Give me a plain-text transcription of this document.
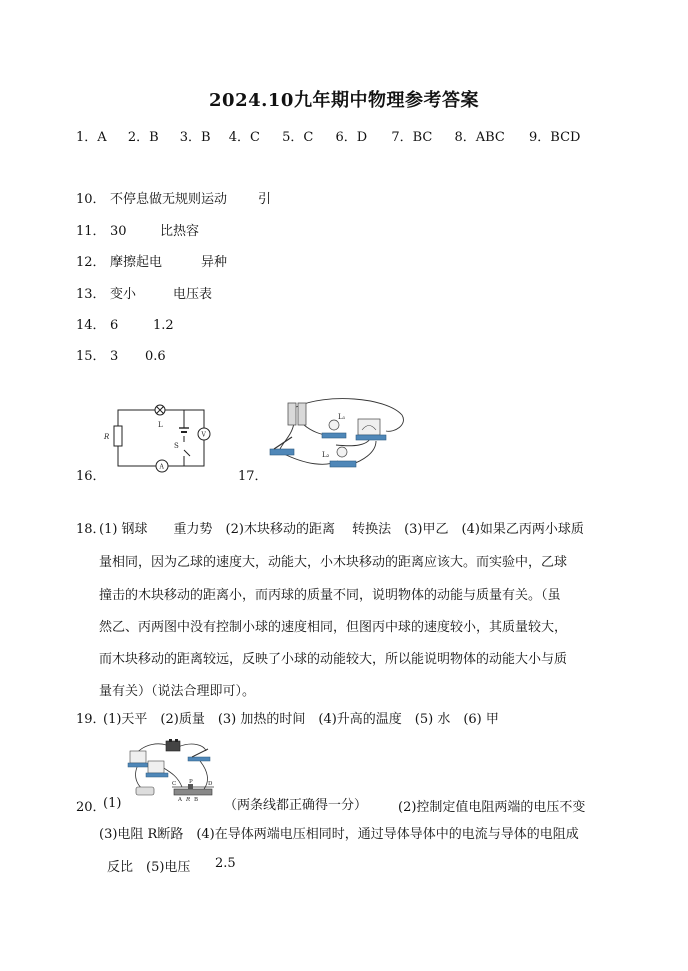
2024.10九年期中物理参考答案
1．A 2．B 3．B 4．C 5．C 6．D 7．BC 8．ABC 9．BCD
10． 不停息做无规则运动 引
11． 30	比热容
12． 摩擦起电	异种
13． 变小	电压表
14． 6	1.2
15． 3 0.6
16．
R
L
S
V
A
17．
L₁
L₂
18．
(1) 钢球　　重力势　(2)木块移动的距离　 转换法　(3)甲乙　(4)如果乙丙两小球质
量相同，因为乙球的速度大，动能大，小木块移动的距离应该大。而实验中，乙球
撞击的木块移动的距离小，而丙球的质量不同，说明物体的动能与质量有关。（虽
然乙、丙两图中没有控制小球的速度相同，但图丙中球的速度较小，其质量较大，
而木块移动的距离较远，反映了小球的动能较大，所以能说明物体的动能大小与质
量有关）（说法合理即可）。
19．
(1)天平　(2)质量　(3) 加热的时间　(4)升高的温度　(5) 水　(6) 甲
C P	D
A R B
20．
(1)	（两条线都正确得一分） (2)控制定值电阻两端的电压不变
(3)电阻 R断路　(4)在导体两端电压相同时，通过导体导体中的电流与导体的电阻成
反比　(5)电压 2.5
